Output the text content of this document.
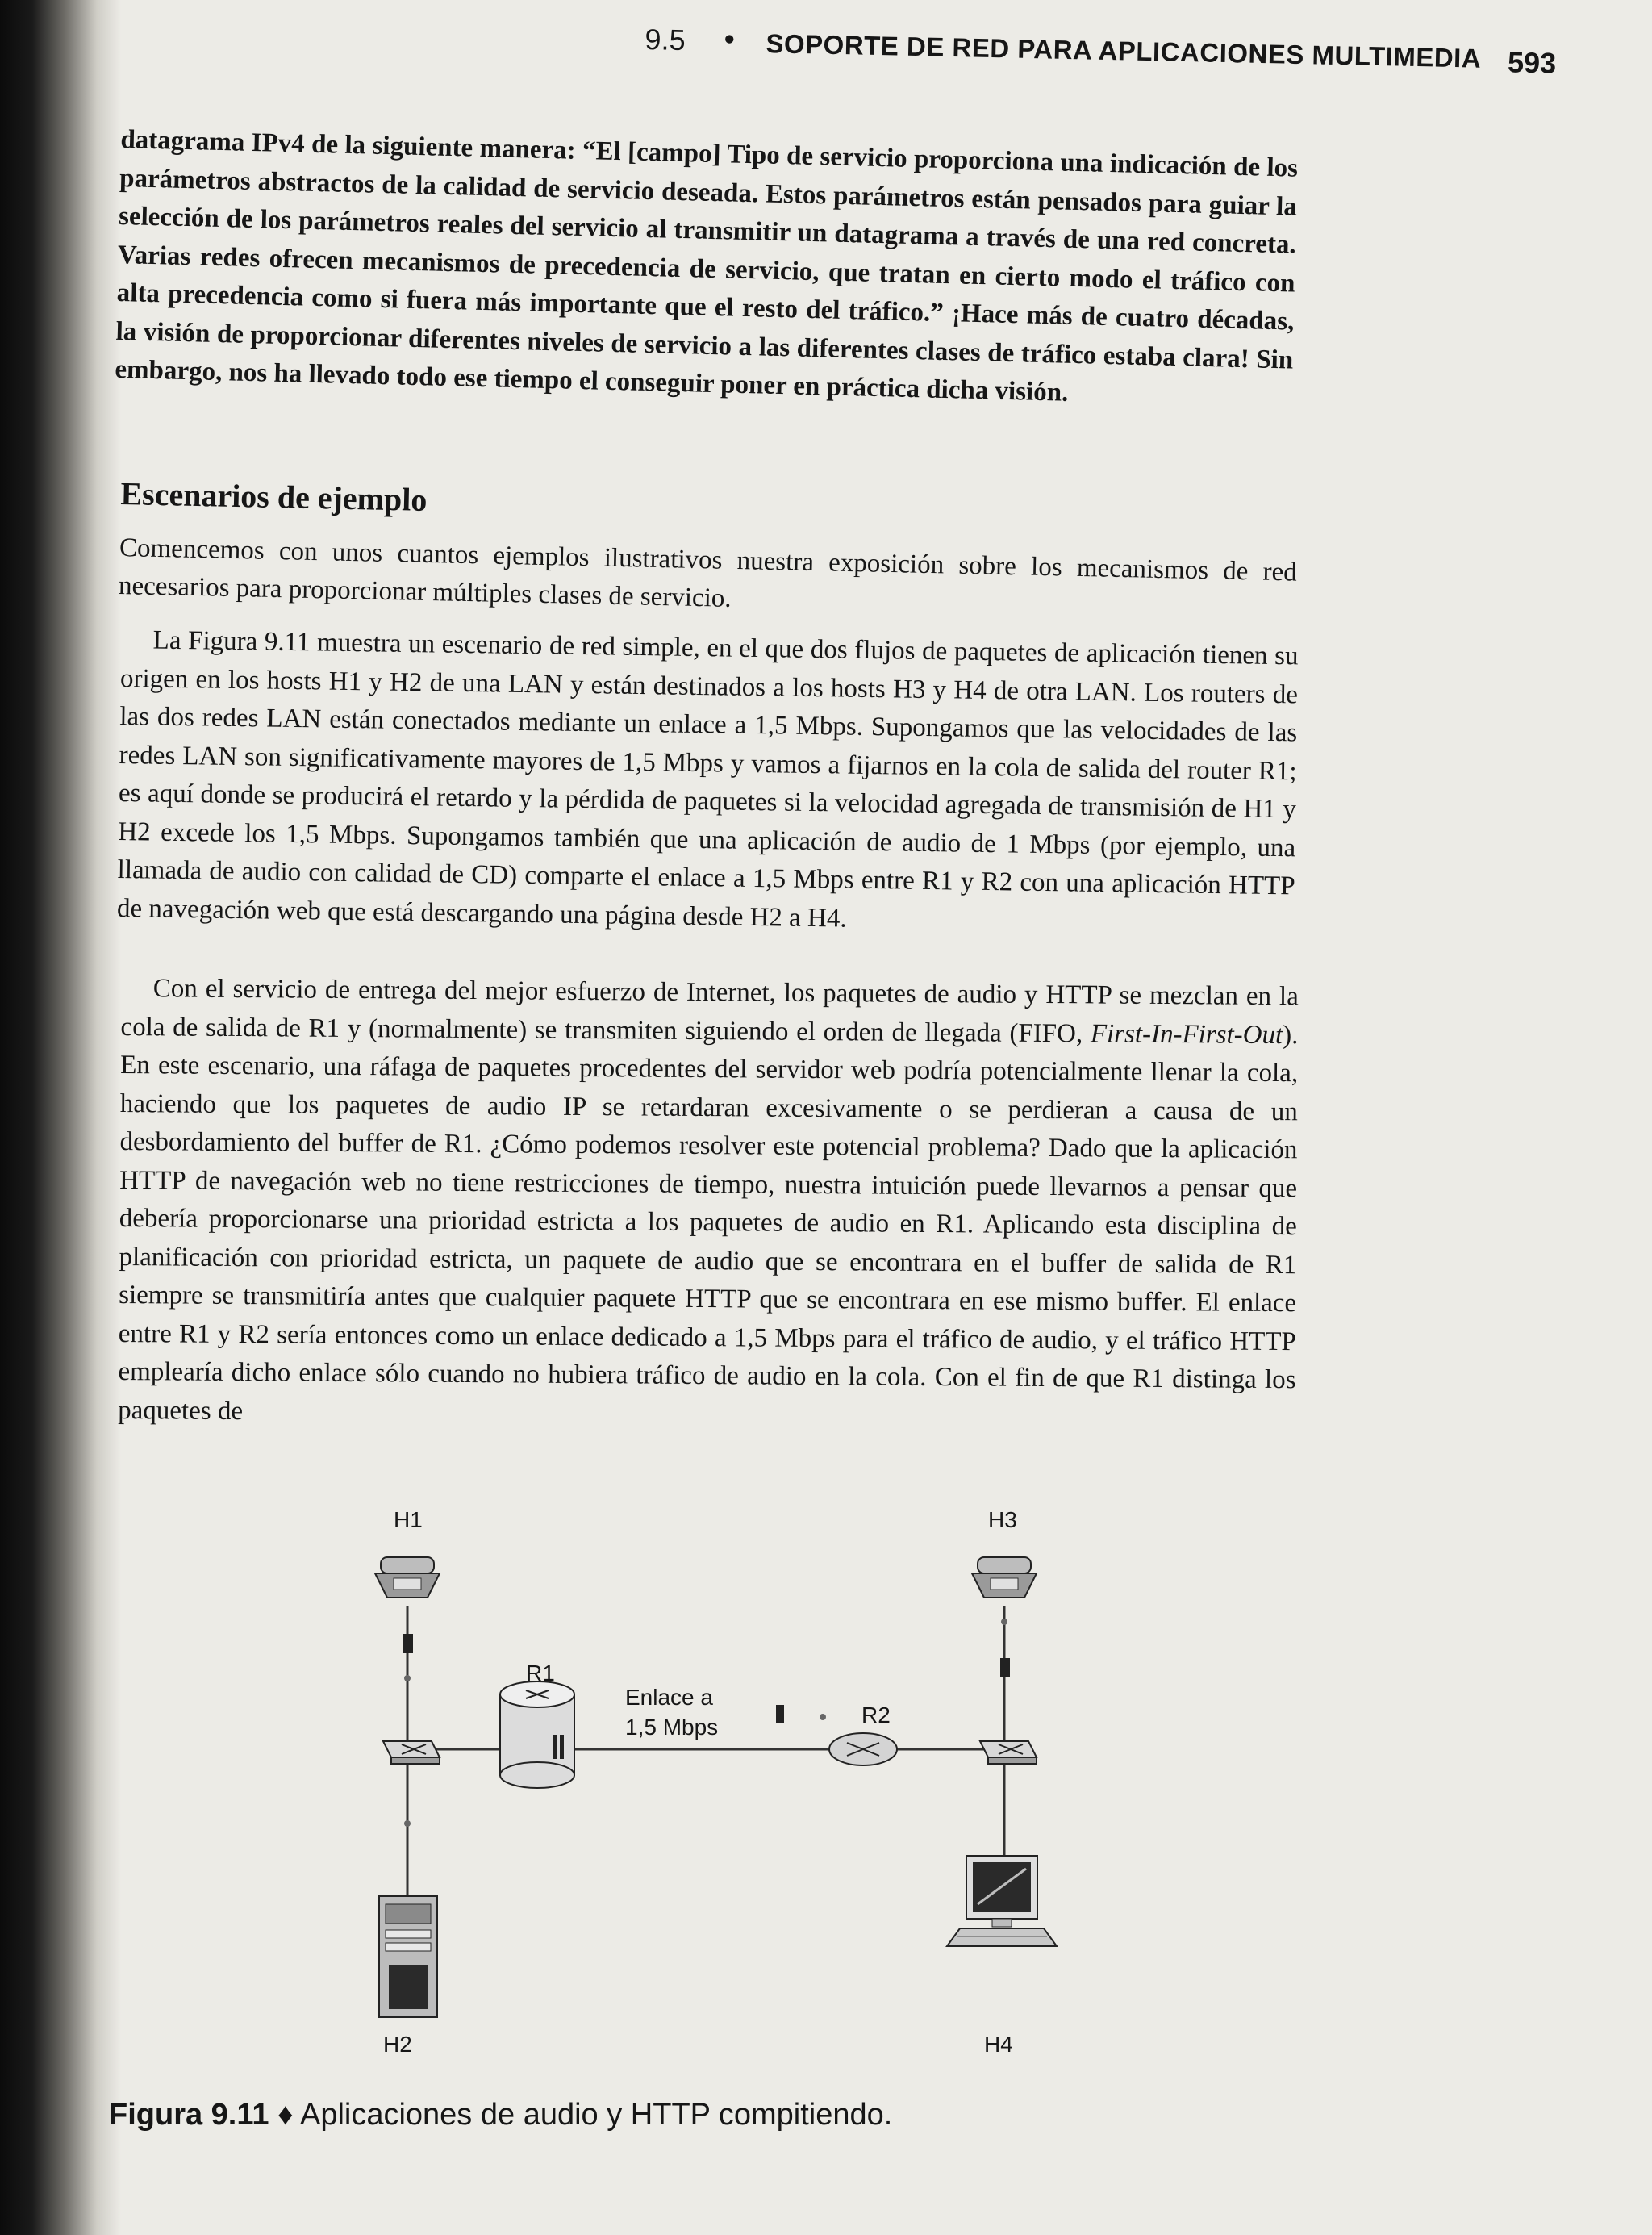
9.5 • SOPORTE DE RED PARA APLICACIONES MULTIMEDIA 593

datagrama IPv4 de la siguiente manera: “El [campo] Tipo de servicio proporciona una indicación de los parámetros abstractos de la calidad de servicio deseada. Estos parámetros están pensados para guiar la selección de los parámetros reales del servicio al transmitir un datagrama a través de una red concreta. Varias redes ofrecen mecanismos de precedencia de servicio, que tratan en cierto modo el tráfico con alta precedencia como si fuera más importante que el resto del tráfico.” ¡Hace más de cuatro décadas, la visión de proporcionar diferentes niveles de servicio a las diferentes clases de tráfico estaba clara! Sin embargo, nos ha llevado todo ese tiempo el conseguir poner en práctica dicha visión.

Escenarios de ejemplo

Comencemos con unos cuantos ejemplos ilustrativos nuestra exposición sobre los mecanismos de red necesarios para proporcionar múltiples clases de servicio.

La Figura 9.11 muestra un escenario de red simple, en el que dos flujos de paquetes de aplicación tienen su origen en los hosts H1 y H2 de una LAN y están destinados a los hosts H3 y H4 de otra LAN. Los routers de las dos redes LAN están conectados mediante un enlace a 1,5 Mbps. Supongamos que las velocidades de las redes LAN son significativamente mayores de 1,5 Mbps y vamos a fijarnos en la cola de salida del router R1; es aquí donde se producirá el retardo y la pérdida de paquetes si la velocidad agregada de transmisión de H1 y H2 excede los 1,5 Mbps. Supongamos también que una aplicación de audio de 1 Mbps (por ejemplo, una llamada de audio con calidad de CD) comparte el enlace a 1,5 Mbps entre R1 y R2 con una aplicación HTTP de navegación web que está descargando una página desde H2 a H4.

Con el servicio de entrega del mejor esfuerzo de Internet, los paquetes de audio y HTTP se mezclan en la cola de salida de R1 y (normalmente) se transmiten siguiendo el orden de llegada (FIFO, First-In-First-Out). En este escenario, una ráfaga de paquetes procedentes del servidor web podría potencialmente llenar la cola, haciendo que los paquetes de audio IP se retardaran excesivamente o se perdieran a causa de un desbordamiento del buffer de R1. ¿Cómo podemos resolver este potencial problema? Dado que la aplicación HTTP de navegación web no tiene restricciones de tiempo, nuestra intuición puede llevarnos a pensar que debería proporcionarse una prioridad estricta a los paquetes de audio en R1. Aplicando esta disciplina de planificación con prioridad estricta, un paquete de audio que se encontrara en el buffer de salida de R1 siempre se transmitiría antes que cualquier paquete HTTP que se encontrara en ese mismo buffer. El enlace entre R1 y R2 sería entonces como un enlace dedicado a 1,5 Mbps para el tráfico de audio, y el tráfico HTTP emplearía dicho enlace sólo cuando no hubiera tráfico de audio en la cola. Con el fin de que R1 distinga los paquetes de

H1	H3
R1
R2
Enlace a
1,5 Mbps
H2	H4
Figura 9.11 ♦ Aplicaciones de audio y HTTP compitiendo.
